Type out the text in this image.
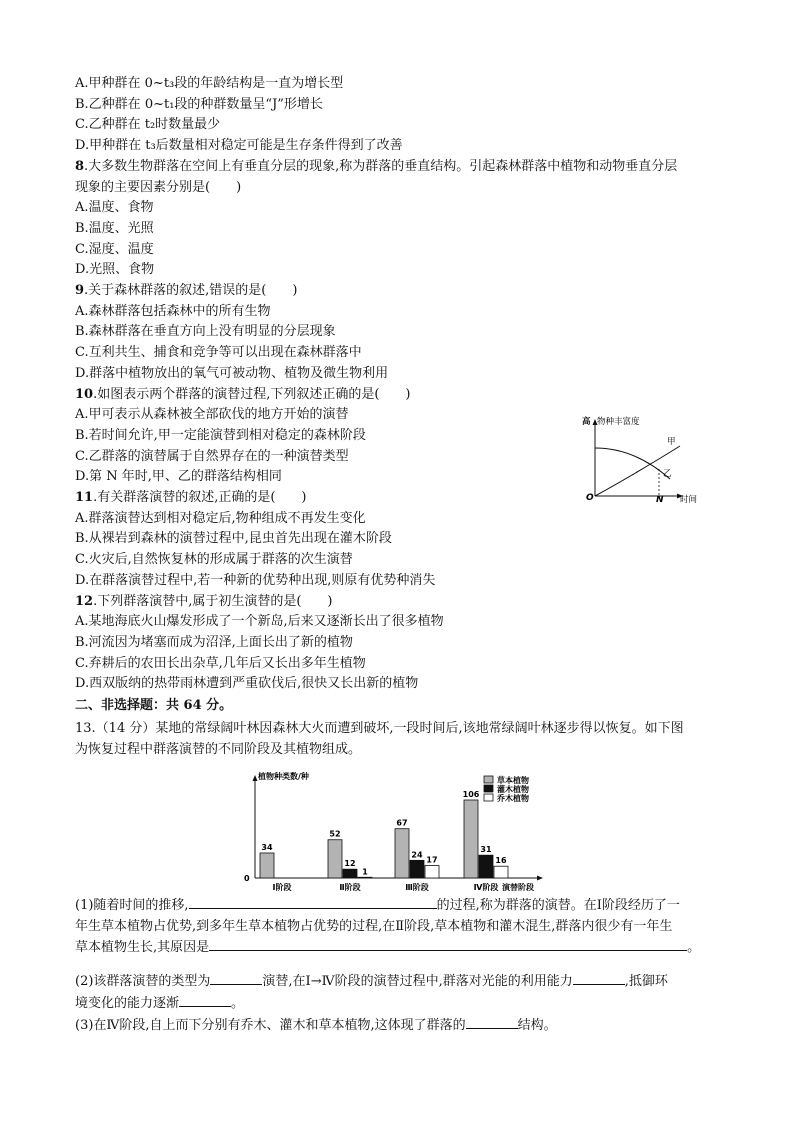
A.甲种群在 0~t₃段的年龄结构是一直为增长型
B.乙种群在 0~t₁段的种群数量呈“J”形增长
C.乙种群在 t₂时数量最少
D.甲种群在 t₃后数量相对稳定可能是生存条件得到了改善
8.大多数生物群落在空间上有垂直分层的现象,称为群落的垂直结构。引起森林群落中植物和动物垂直分层
现象的主要因素分别是(　　)
A.温度、食物
B.温度、光照
C.湿度、温度
D.光照、食物
9.关于森林群落的叙述,错误的是(　　)
A.森林群落包括森林中的所有生物
B.森林群落在垂直方向上没有明显的分层现象
C.互利共生、捕食和竞争等可以出现在森林群落中
D.群落中植物放出的氧气可被动物、植物及微生物利用
10.如图表示两个群落的演替过程,下列叙述正确的是(　　)
A.甲可表示从森林被全部砍伐的地方开始的演替
B.若时间允许,甲一定能演替到相对稳定的森林阶段
C.乙群落的演替属于自然界存在的一种演替类型
D.第 N 年时,甲、乙的群落结构相同
11.有关群落演替的叙述,正确的是(　　)
A.群落演替达到相对稳定后,物种组成不再发生变化
B.从裸岩到森林的演替过程中,昆虫首先出现在灌木阶段
C.火灾后,自然恢复林的形成属于群落的次生演替
D.在群落演替过程中,若一种新的优势种出现,则原有优势种消失
12.下列群落演替中,属于初生演替的是(　　)
A.某地海底火山爆发形成了一个新岛,后来又逐渐长出了很多植物
B.河流因为堵塞而成为沼泽,上面长出了新的植物
C.弃耕后的农田长出杂草,几年后又长出多年生植物
D.西双版纳的热带雨林遭到严重砍伐后,很快又长出新的植物
二、非选择题：共 64 分。
13.（14 分）某地的常绿阔叶林因森林大火而遭到破坏,一段时间后,该地常绿阔叶林逐步得以恢复。如下图
为恢复过程中群落演替的不同阶段及其植物组成。
高 物种丰富度
时间
O	N
甲
乙
植物种类数/种
0
演替阶段
34
Ⅰ阶段
52
12
1
Ⅱ阶段
67
24
17
Ⅲ阶段
106
31
16
Ⅳ阶段
草本植物
灌木植物
乔木植物
(1)随着时间的推移,	的过程,称为群落的演替。在Ⅰ阶段经历了一
年生草本植物占优势,到多年生草本植物占优势的过程,在Ⅱ阶段,草本植物和灌木混生,群落内很少有一年生
草本植物生长,其原因是	。
(2)该群落演替的类型为	演替,在Ⅰ→Ⅳ阶段的演替过程中,群落对光能的利用能力	,抵御环
境变化的能力逐渐	。
(3)在Ⅳ阶段,自上而下分别有乔木、灌木和草本植物,这体现了群落的	结构。
